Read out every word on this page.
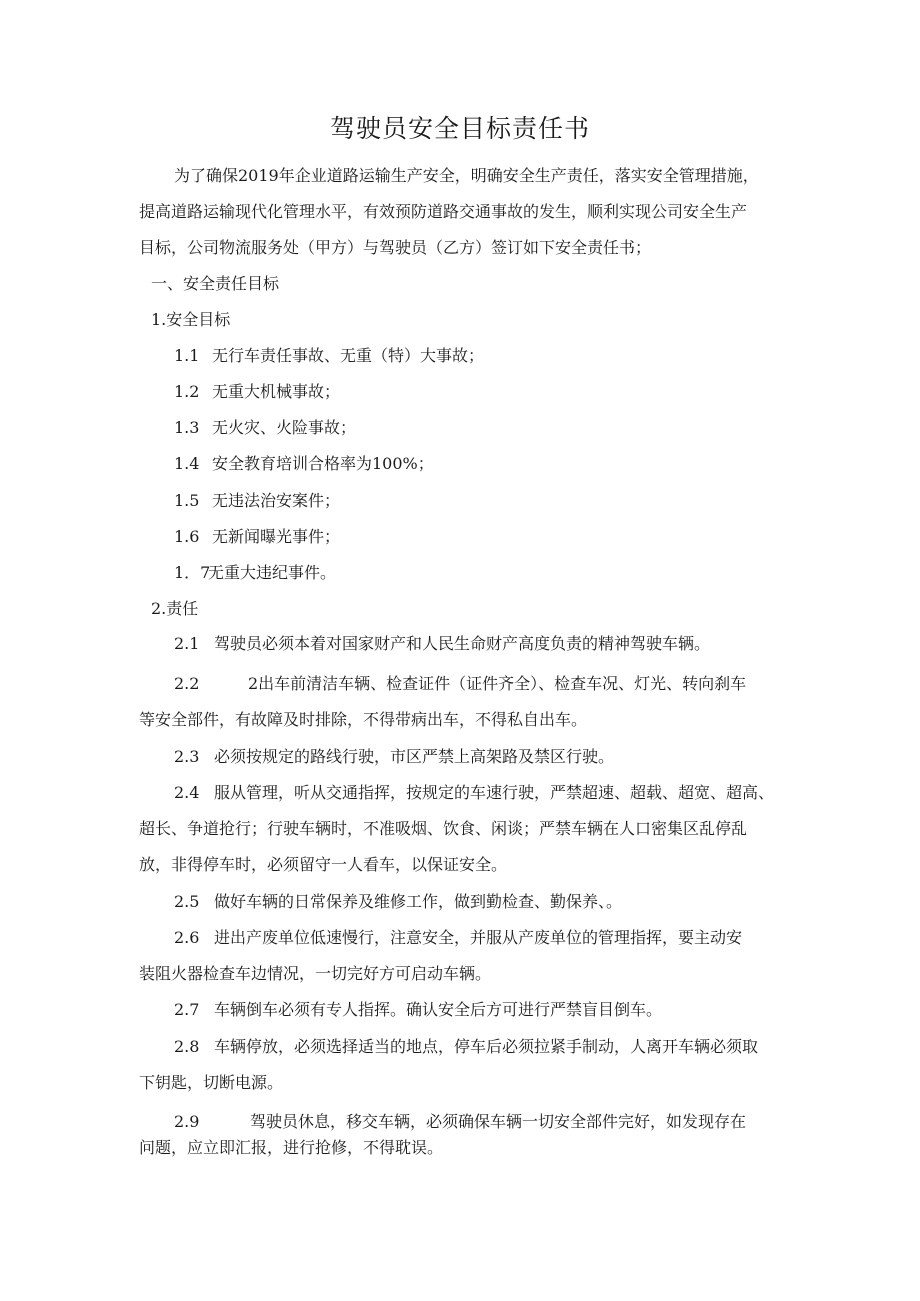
驾驶员安全目标责任书
为了确保2019年企业道路运输生产安全，明确安全生产责任，落实安全管理措施，
提高道路运输现代化管理水平，有效预防道路交通事故的发生，顺利实现公司安全生产
目标，公司物流服务处（甲方）与驾驶员（乙方）签订如下安全责任书；
一、安全责任目标
1.安全目标
1.1 无行车责任事故、无重（特）大事故；
1.2 无重大机械事故；
1.3 无火灾、火险事故；
1.4 安全教育培训合格率为100%；
1.5 无违法治安案件；
1.6 无新闻曝光事件；
1．7无重大违纪事件。
2.责任
2.1 驾驶员必须本着对国家财产和人民生命财产高度负责的精神驾驶车辆。
2.2	2出车前清洁车辆、检查证件（证件齐全）、检查车况、灯光、转向刹车
等安全部件，有故障及时排除，不得带病出车，不得私自出车。
2.3 必须按规定的路线行驶，市区严禁上高架路及禁区行驶。
2.4 服从管理，听从交通指挥，按规定的车速行驶，严禁超速、超载、超宽、超高、
超长、争道抢行；行驶车辆时，不准吸烟、饮食、闲谈；严禁车辆在人口密集区乱停乱
放，非得停车时，必须留守一人看车，以保证安全。
2.5 做好车辆的日常保养及维修工作，做到勤检查、勤保养、。
2.6 进出产废单位低速慢行，注意安全，并服从产废单位的管理指挥，要主动安
装阻火器检查车边情况，一切完好方可启动车辆。
2.7 车辆倒车必须有专人指挥。确认安全后方可进行严禁盲目倒车。
2.8 车辆停放，必须选择适当的地点，停车后必须拉紧手制动，人离开车辆必须取
下钥匙，切断电源。
2.9	驾驶员休息，移交车辆，必须确保车辆一切安全部件完好，如发现存在
问题，应立即汇报，进行抢修，不得耽误。
